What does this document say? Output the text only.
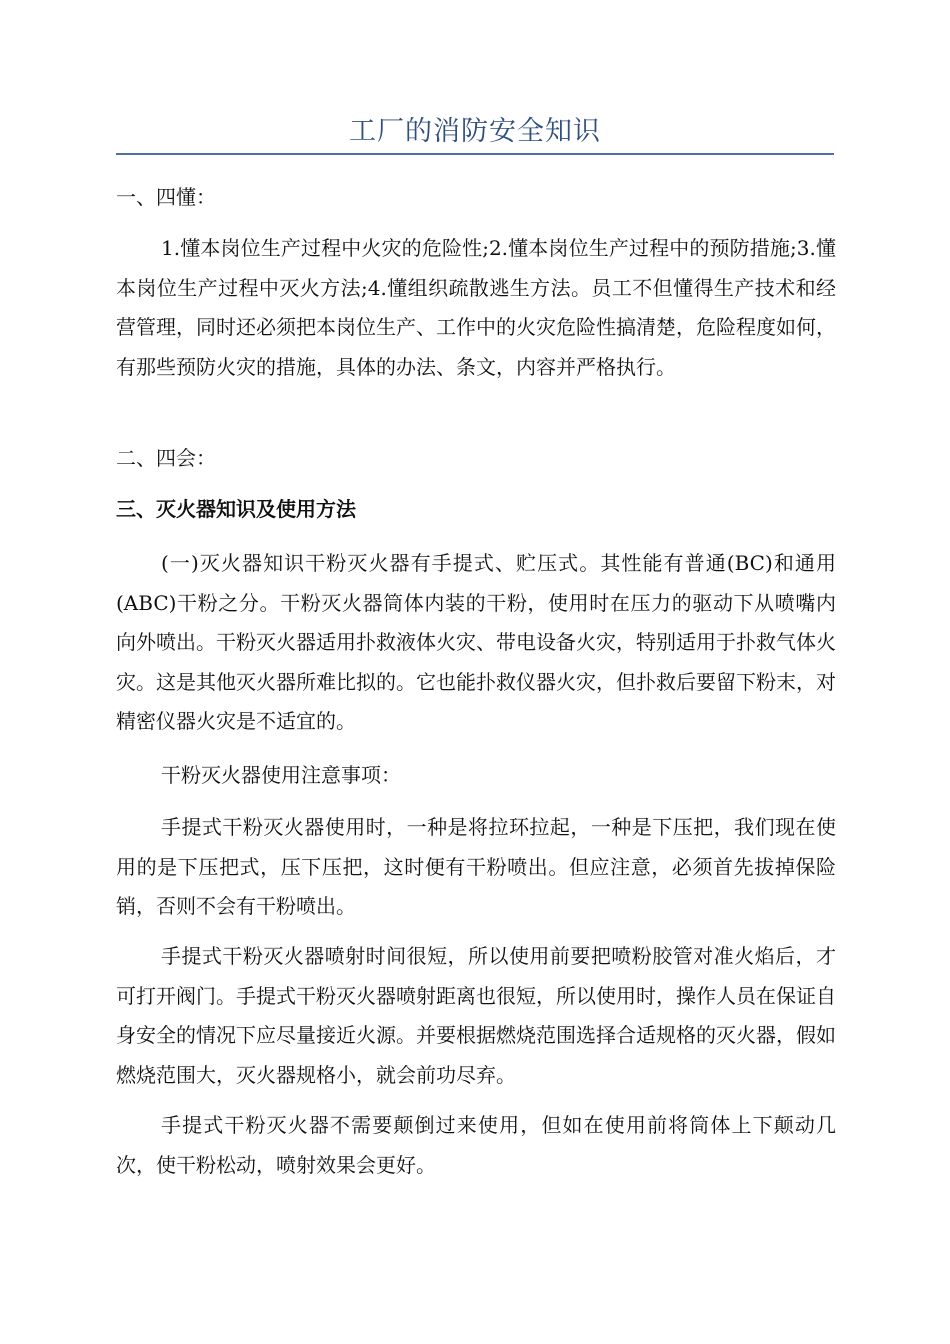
工厂的消防安全知识
一、四懂：
1.懂本岗位生产过程中火灾的危险性;2.懂本岗位生产过程中的预防措施;3.懂本岗位生产过程中灭火方法;4.懂组织疏散逃生方法。员工不但懂得生产技术和经营管理，同时还必须把本岗位生产、工作中的火灾危险性搞清楚，危险程度如何，有那些预防火灾的措施，具体的办法、条文，内容并严格执行。
二、四会：
三、灭火器知识及使用方法
(一)灭火器知识干粉灭火器有手提式、贮压式。其性能有普通(BC)和通用(ABC)干粉之分。干粉灭火器筒体内装的干粉，使用时在压力的驱动下从喷嘴内向外喷出。干粉灭火器适用扑救液体火灾、带电设备火灾，特别适用于扑救气体火灾。这是其他灭火器所难比拟的。它也能扑救仪器火灾，但扑救后要留下粉末，对精密仪器火灾是不适宜的。
干粉灭火器使用注意事项：
手提式干粉灭火器使用时，一种是将拉环拉起，一种是下压把，我们现在使用的是下压把式，压下压把，这时便有干粉喷出。但应注意，必须首先拔掉保险销，否则不会有干粉喷出。
手提式干粉灭火器喷射时间很短，所以使用前要把喷粉胶管对准火焰后，才可打开阀门。手提式干粉灭火器喷射距离也很短，所以使用时，操作人员在保证自身安全的情况下应尽量接近火源。并要根据燃烧范围选择合适规格的灭火器，假如燃烧范围大，灭火器规格小，就会前功尽弃。
手提式干粉灭火器不需要颠倒过来使用，但如在使用前将筒体上下颠动几次，使干粉松动，喷射效果会更好。
